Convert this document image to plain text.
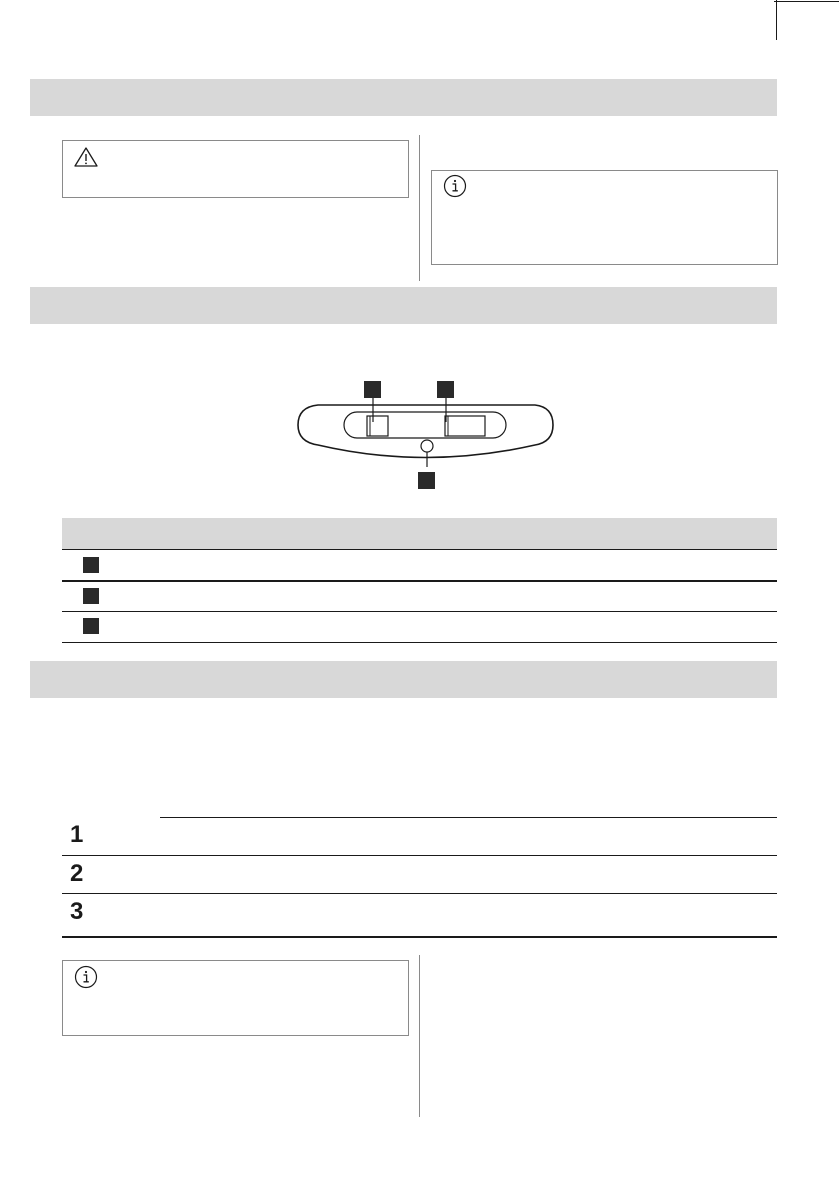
1
2
3
